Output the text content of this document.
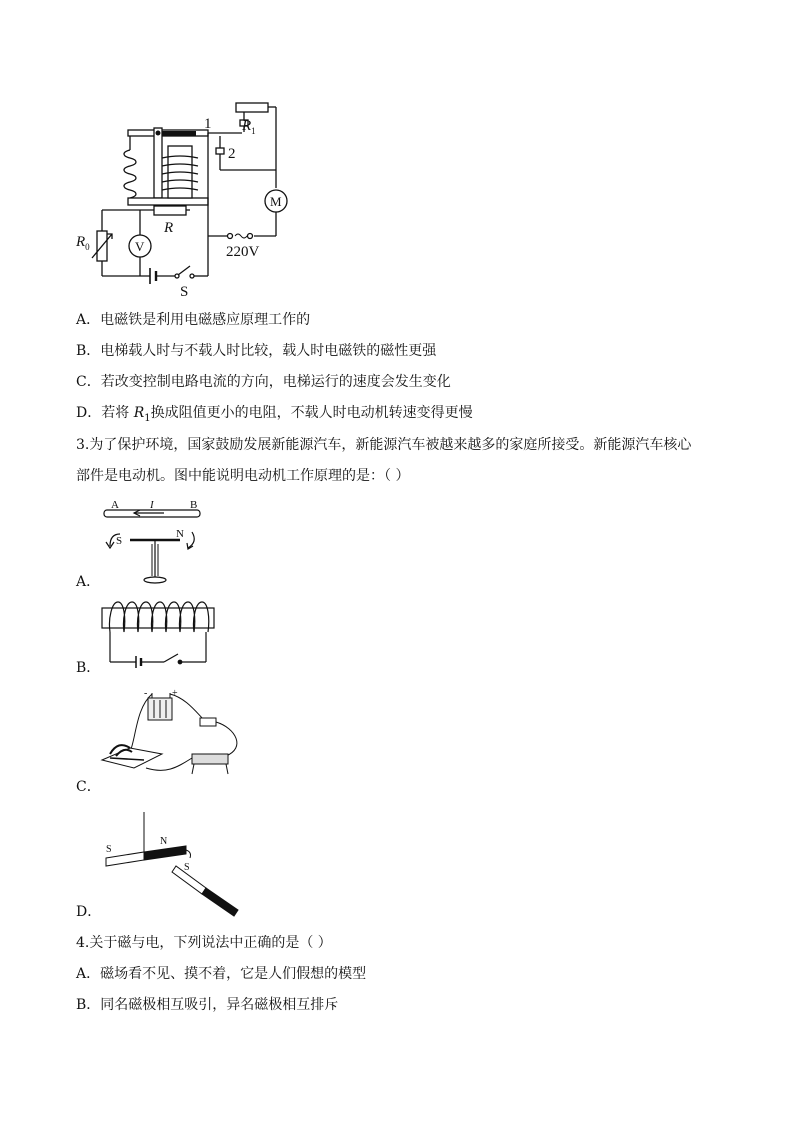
1
2
$R_1$
M
V
R
$R_0$	220V
S
A．电磁铁是利用电磁感应原理工作的
B．电梯载人时与不载人时比较，载人时电磁铁的磁性更强
C．若改变控制电路电流的方向，电梯运行的速度会发生变化
D．若将 $R_1$换成阻值更小的电阻，不载人时电动机转速变得更慢
3.为了保护环境，国家鼓励发展新能源汽车，新能源汽车被越来越多的家庭所接受。新能源汽车核心
部件是电动机。图中能说明电动机工作原理的是：（ ）
A	I	B
S
N
A．
B．
- +
C．
S
N
S
D．
4.关于磁与电，下列说法中正确的是（ ）
A．磁场看不见、摸不着，它是人们假想的模型
B．同名磁极相互吸引，异名磁极相互排斥
